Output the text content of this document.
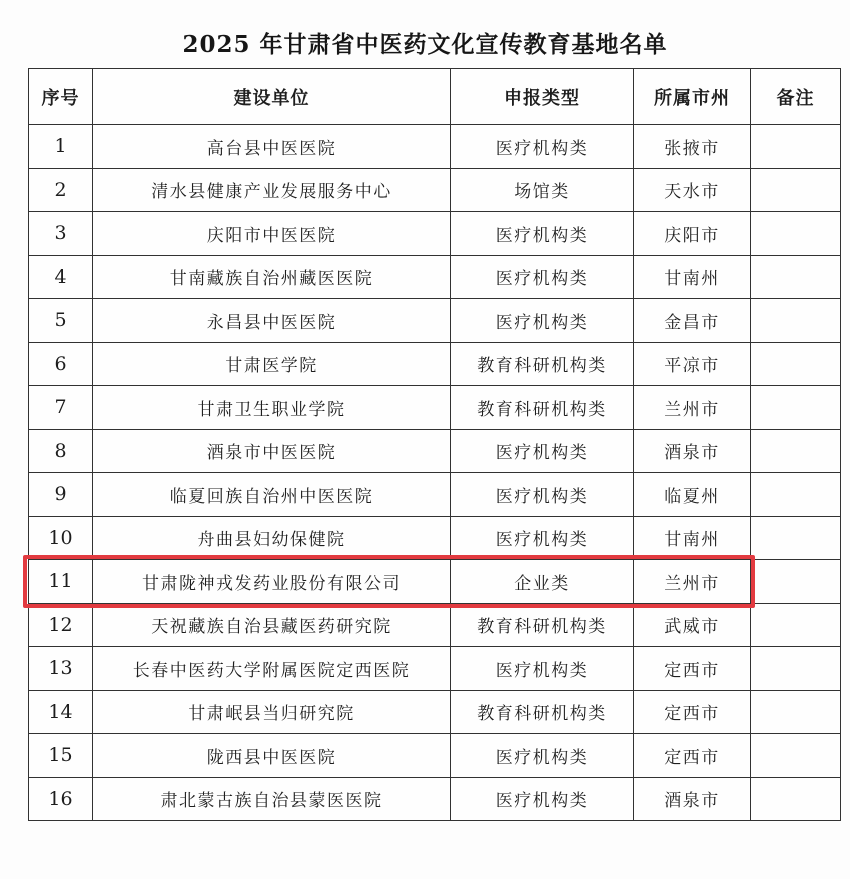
2025 年甘肃省中医药文化宣传教育基地名单
序号	建设单位	申报类型	所属市州	备注
1	高台县中医医院	医疗机构类	张掖市	
2	清水县健康产业发展服务中心	场馆类	天水市	
3	庆阳市中医医院	医疗机构类	庆阳市	
4	甘南藏族自治州藏医医院	医疗机构类	甘南州	
5	永昌县中医医院	医疗机构类	金昌市	
6	甘肃医学院	教育科研机构类	平凉市	
7	甘肃卫生职业学院	教育科研机构类	兰州市	
8	酒泉市中医医院	医疗机构类	酒泉市	
9	临夏回族自治州中医医院	医疗机构类	临夏州	
10	舟曲县妇幼保健院	医疗机构类	甘南州	
11	甘肃陇神戎发药业股份有限公司	企业类	兰州市	
12	天祝藏族自治县藏医药研究院	教育科研机构类	武威市	
13	长春中医药大学附属医院定西医院	医疗机构类	定西市	
14	甘肃岷县当归研究院	教育科研机构类	定西市	
15	陇西县中医医院	医疗机构类	定西市	
16	肃北蒙古族自治县蒙医医院	医疗机构类	酒泉市	
